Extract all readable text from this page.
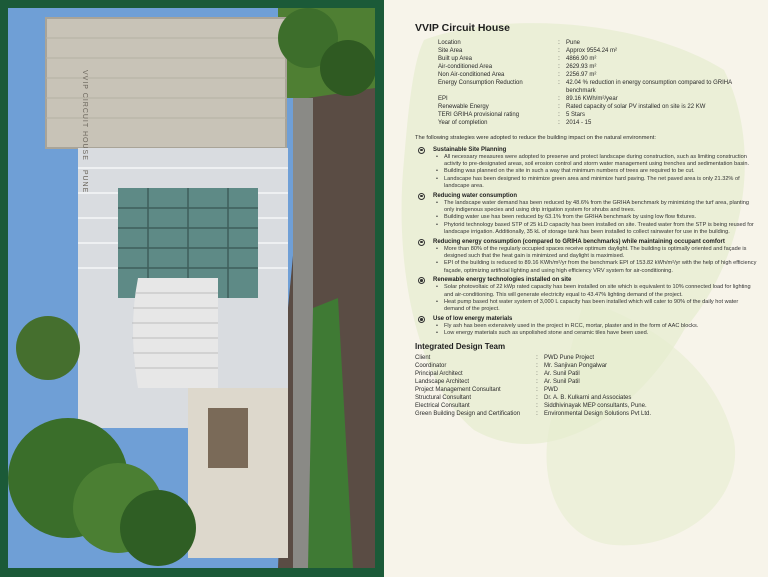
VVIP CIRCUIT HOUSE PUNE
VVIP Circuit House
Location	:	Pune
Site Area	:	Approx 9554.24 m²
Built up Area	:	4866.90 m²
Air-conditioned Area	:	2629.93 m²
Non Air-conditioned Area	:	2256.97 m²
Energy Consumption Reduction	:	42.04 % reduction in energy consumption compared to GRIHA benchmark
EPI	:	89.16 KWh/m²/year
Renewable Energy	:	Rated capacity of solar PV installed on site is 22 KW
TERI GRIHA provisional rating	:	5 Stars
Year of completion	:	2014 - 15
The following strategies were adopted to reduce the building impact on the natural environment:
Sustainable Site Planning
• All necessary measures were adopted to preserve and protect landscape during construction, such as limiting construction activity to pre-designated areas, soil erosion control and storm water management using trenches and sedimentation basin.
• Building was planned on the site in such a way that minimum numbers of trees are required to be cut.
• Landscape has been designed to minimize green area and minimize hard paving. The net paved area is only 21.32% of landscape area.
Reducing water consumption
• The landscape water demand has been reduced by 48.6% from the GRIHA benchmark by minimizing the turf area, planting only indigenous species and using drip irrigation system for shrubs and trees.
• Building water use has been reduced by 63.1% from the GRIHA benchmark by using low flow fixtures.
• Phytorid technology based STP of 25 kLD capacity has been installed on site. Treated water from the STP is being reused for landscape irrigation. Additionally, 35 kL of storage tank has been installed to collect rainwater for use in the building.
Reducing energy consumption (compared to GRIHA benchmarks) while maintaining occupant comfort
• More than 80% of the regularly occupied spaces receive optimum daylight. The building is optimally oriented and façade is designed such that the heat gain is minimized and daylight is maximised.
• EPI of the building is reduced to 89.16 KWh/m²/yr from the benchmark EPI of 153.82 kWh/m²/yr with the help of high efficiency façade, optimizing artificial lighting and using high efficiency VRV system for air-conditioning.
Renewable energy technologies installed on site
• Solar photovoltaic of 22 kWp rated capacity has been installed on site which is equivalent to 10% connected load for lighting and air-conditioning. This will generate electricity equal to 43.47% lighting demand of the project.
• Heat pump based hot water system of 3,000 L capacity has been installed which will cater to 90% of the daily hot water demand of the project.
Use of low energy materials
• Fly ash has been extensively used in the project in RCC, mortar, plaster and in the form of AAC blocks.
• Low energy materials such as unpolished stone and ceramic tiles have been used.
Integrated Design Team
Client	:	PWD Pune Project
Coordinator	:	Mr. Sanjivan Pongalwar
Principal Architect	:	Ar. Sunil Patil
Landscape Architect	:	Ar. Sunil Patil
Project Management Consultant	:	PWD
Structural Consultant	:	Dr. A. B. Kulkarni and Associates
Electrical Consultant	:	Siddhivinayak MEP consultants, Pune.
Green Building Design and Certification	:	Environmental Design Solutions Pvt Ltd.
